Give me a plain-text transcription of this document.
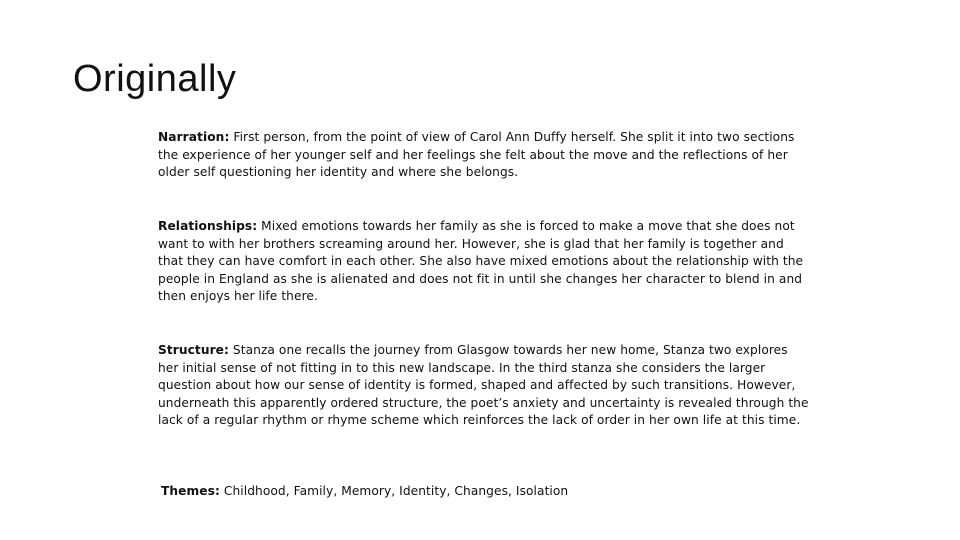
Originally

Narration: First person, from the point of view of Carol Ann Duffy herself. She split it into two sections the experience of her younger self and her feelings she felt about the move and the reflections of her older self questioning her identity and where she belongs.

Relationships: Mixed emotions towards her family as she is forced to make a move that she does not want to with her brothers screaming around her. However, she is glad that her family is together and that they can have comfort in each other. She also have mixed emotions about the relationship with the people in England as she is alienated and does not fit in until she changes her character to blend in and then enjoys her life there.

Structure: Stanza one recalls the journey from Glasgow towards her new home, Stanza two explores her initial sense of not fitting in to this new landscape. In the third stanza she considers the larger question about how our sense of identity is formed, shaped and affected by such transitions. However, underneath this apparently ordered structure, the poet’s anxiety and uncertainty is revealed through the lack of a regular rhythm or rhyme scheme which reinforces the lack of order in her own life at this time.

Themes: Childhood, Family, Memory, Identity, Changes, Isolation
